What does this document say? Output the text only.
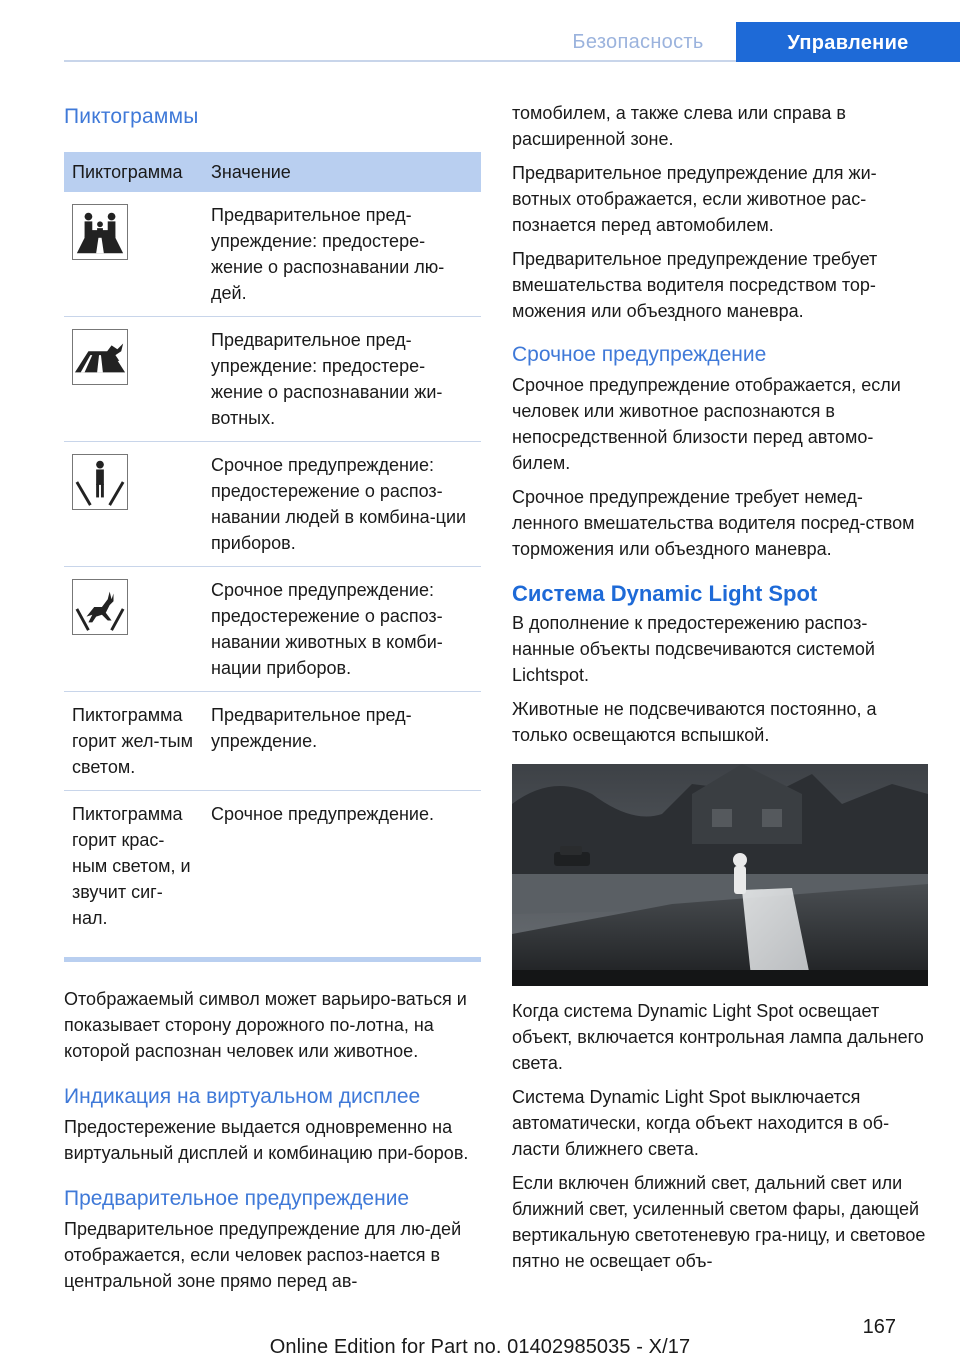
Безопасность	Управление
Пиктограммы
Пиктограмма	Значение
Предварительное пред-упреждение: предостере-жение о распознавании лю-дей.
Предварительное пред-упреждение: предостере-жение о распознавании жи-вотных.
Срочное предупреждение: предостережение о распоз-навании людей в комбина-ции приборов.
Срочное предупреждение: предостережение о распоз-навании животных в комби-нации приборов.
Пиктограмма горит жел-тым светом.
Предварительное пред-упреждение.
Пиктограмма горит крас-ным светом, и звучит сиг-нал.
Срочное предупреждение.

Отображаемый символ может варьиро-ваться и показывает сторону дорожного по-лотна, на которой распознан человек или животное.

Индикация на виртуальном дисплее

Предостережение выдается одновременно на виртуальный дисплей и комбинацию при-боров.

Предварительное предупреждение

Предварительное предупреждение для лю-дей отображается, если человек распоз-нается в центральной зоне прямо перед ав-

томобилем, а также слева или справа в расширенной зоне.

Предварительное предупреждение для жи-вотных отображается, если животное рас-познается перед автомобилем.

Предварительное предупреждение требует вмешательства водителя посредством тор-можения или объездного маневра.

Срочное предупреждение

Срочное предупреждение отображается, если человек или животное распознаются в непосредственной близости перед автомо-билем.

Срочное предупреждение требует немед-ленного вмешательства водителя посред-ством торможения или объездного маневра.

Система Dynamic Light Spot

В дополнение к предостережению распоз-нанные объекты подсвечиваются системой Lichtspot.

Животные не подсвечиваются постоянно, а только освещаются вспышкой.

Когда система Dynamic Light Spot освещает объект, включается контрольная лампа дальнего света.

Система Dynamic Light Spot выключается автоматически, когда объект находится в об-ласти ближнего света.

Если включен ближний свет, дальний свет или ближний свет, усиленный светом фары, дающей вертикальную светотеневую гра-ницу, и световое пятно не освещает объ-

167
Online Edition for Part no. 01402985035 - X/17
